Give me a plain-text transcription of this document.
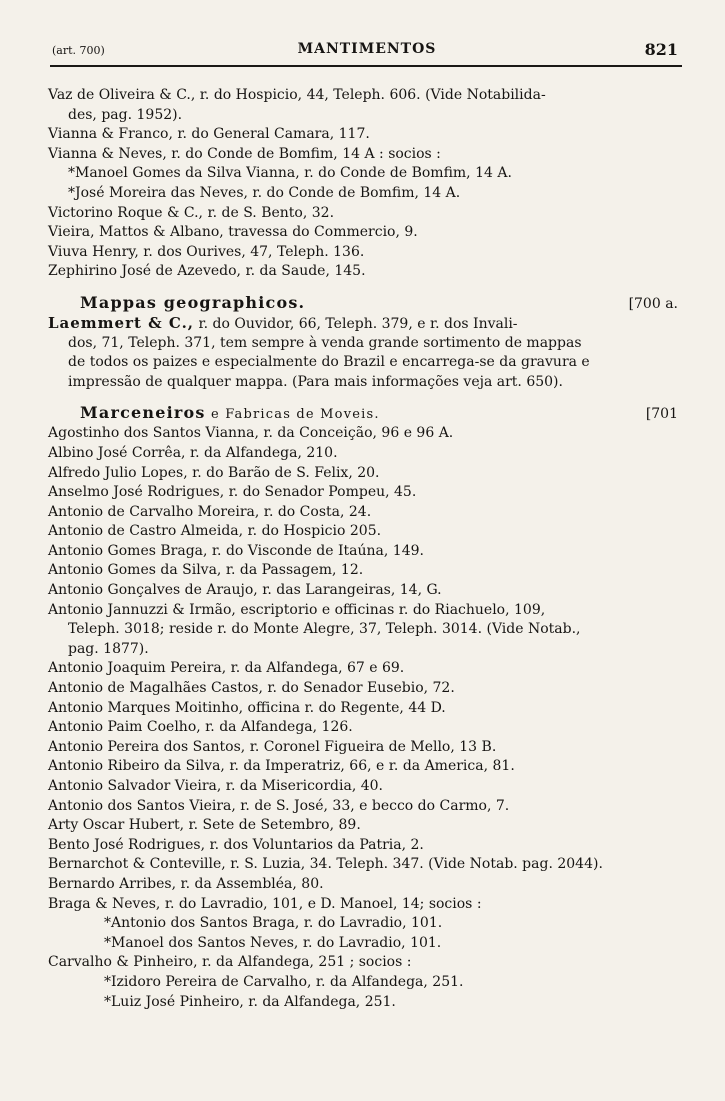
(art. 700)	MANTIMENTOS	821
Vaz de Oliveira & C., r. do Hospicio, 44, Teleph. 606. (Vide Notabilida-
des, pag. 1952).
Vianna & Franco, r. do General Camara, 117.
Vianna & Neves, r. do Conde de Bomfim, 14 A : socios :
*Manoel Gomes da Silva Vianna, r. do Conde de Bomfim, 14 A.
*José Moreira das Neves, r. do Conde de Bomfim, 14 A.
Victorino Roque & C., r. de S. Bento, 32.
Vieira, Mattos & Albano, travessa do Commercio, 9.
Viuva Henry, r. dos Ourives, 47, Teleph. 136.
Zephirino José de Azevedo, r. da Saude, 145.
Mappas geographicos.	[700 a.
Laemmert & C., r. do Ouvidor, 66, Teleph. 379, e r. dos Invali-
dos, 71, Teleph. 371, tem sempre à venda grande sortimento de mappas
de todos os paizes e especialmente do Brazil e encarrega-se da gravura e
impressão de qualquer mappa. (Para mais informações veja art. 650).
Marceneiros e Fabricas de Moveis.	[701
Agostinho dos Santos Vianna, r. da Conceição, 96 e 96 A.
Albino José Corrêa, r. da Alfandega, 210.
Alfredo Julio Lopes, r. do Barão de S. Felix, 20.
Anselmo José Rodrigues, r. do Senador Pompeu, 45.
Antonio de Carvalho Moreira, r. do Costa, 24.
Antonio de Castro Almeida, r. do Hospicio 205.
Antonio Gomes Braga, r. do Visconde de Itaúna, 149.
Antonio Gomes da Silva, r. da Passagem, 12.
Antonio Gonçalves de Araujo, r. das Larangeiras, 14, G.
Antonio Jannuzzi & Irmão, escriptorio e officinas r. do Riachuelo, 109,
Teleph. 3018; reside r. do Monte Alegre, 37, Teleph. 3014. (Vide Notab.,
pag. 1877).
Antonio Joaquim Pereira, r. da Alfandega, 67 e 69.
Antonio de Magalhães Castos, r. do Senador Eusebio, 72.
Antonio Marques Moitinho, officina r. do Regente, 44 D.
Antonio Paim Coelho, r. da Alfandega, 126.
Antonio Pereira dos Santos, r. Coronel Figueira de Mello, 13 B.
Antonio Ribeiro da Silva, r. da Imperatriz, 66, e r. da America, 81.
Antonio Salvador Vieira, r. da Misericordia, 40.
Antonio dos Santos Vieira, r. de S. José, 33, e becco do Carmo, 7.
Arty Oscar Hubert, r. Sete de Setembro, 89.
Bento José Rodrigues, r. dos Voluntarios da Patria, 2.
Bernarchot & Conteville, r. S. Luzia, 34. Teleph. 347. (Vide Notab. pag. 2044).
Bernardo Arribes, r. da Assembléa, 80.
Braga & Neves, r. do Lavradio, 101, e D. Manoel, 14; socios :
*Antonio dos Santos Braga, r. do Lavradio, 101.
*Manoel dos Santos Neves, r. do Lavradio, 101.
Carvalho & Pinheiro, r. da Alfandega, 251 ; socios :
*Izidoro Pereira de Carvalho, r. da Alfandega, 251.
*Luiz José Pinheiro, r. da Alfandega, 251.
